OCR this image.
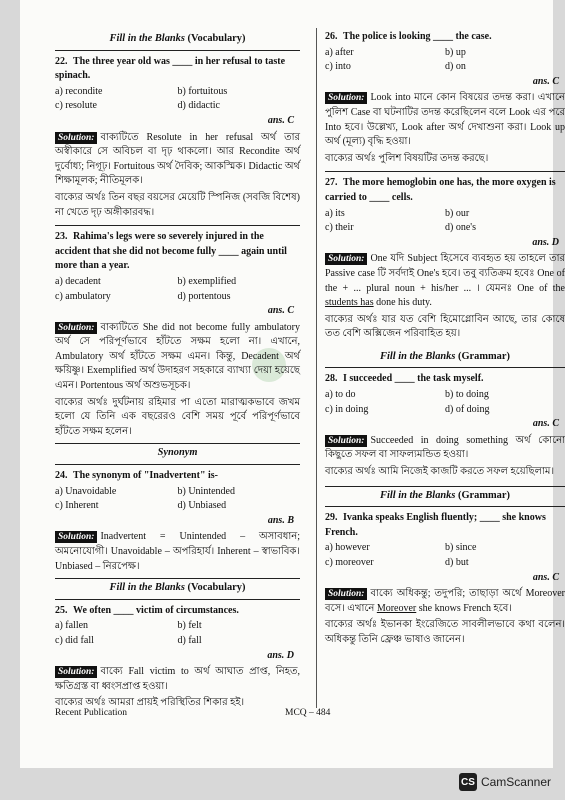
Fill in the Blanks (Vocabulary)
22. The three year old was ____ in her refusal to taste spinach.
a) recondite	b) fortuitous
c) resolute	d) didactic
ans. C
Solution: বাক্যটিতে Resolute in her refusal অর্থ তার অস্বীকারে সে অবিচল বা দৃঢ় থাকলো। আর Recondite অর্থ দুর্বোধ্য; নিগূঢ়। Fortuitous অর্থ দৈবিক; আকস্মিক। Didactic অর্থ শিক্ষামূলক; নীতিমূলক।
বাক্যের অর্থঃ তিন বছর বয়সের মেয়েটি স্পিনিজ (সবজি বিশেষ) না খেতে দৃঢ় অঙ্গীকারবদ্ধ।
23. Rahima's legs were so severely injured in the accident that she did not become fully ____ again until more than a year.
a) decadent	b) exemplified
c) ambulatory	d) portentous
ans. C
Solution: বাক্যটিতে She did not become fully ambulatory অর্থ সে পরিপূর্ণভাবে হাঁটতে সক্ষম হলো না। এখানে, Ambulatory অর্থ হাঁটতে সক্ষম এমন। কিন্তু, Decadent অর্থ ক্ষয়িষ্ণু। Exemplified অর্থ উদাহরণ সহকারে ব্যাখ্যা দেয়া হয়েছে এমন। Portentous অর্থ অশুভসূচক।
বাক্যের অর্থঃ দুর্ঘটনায় রহিমার পা এতো মারাত্মকভাবে জখম হলো যে তিনি এক বছরেরও বেশি সময় পূর্বে পরিপূর্ণভাবে হাঁটতে সক্ষম হলেন।
Synonym
24. The synonym of "Inadvertent" is-
a) Unavoidable	b) Unintended
c) Inherent	d) Unbiased
ans. B
Solution: Inadvertent = Unintended – অসাবধান; অমনোযোগী। Unavoidable – অপরিহার্য। Inherent – স্বাভাবিক। Unbiased – নিরপেক্ষ।
Fill in the Blanks (Vocabulary)
25. We often ____ victim of circumstances.
a) fallen	b) felt
c) did fall	d) fall
ans. D
Solution: বাক্যে Fall victim to অর্থ আঘাত প্রাপ্ত, নিহত, ক্ষতিগ্রস্ত বা ধ্বংসপ্রাপ্ত হওয়া।
বাক্যের অর্থঃ আমরা প্রায়ই পরিস্থিতির শিকার হই।
26. The police is looking ____ the case.
a) after	b) up
c) into	d) on
ans. C
Solution: Look into মানে কোন বিষয়ের তদন্ত করা। এখানে পুলিশ Case বা ঘটনাটির তদন্ত করেছিলেন বলে Look এর পরে Into হবে। উল্লেখ্য, Look after অর্থ দেখাশুনা করা। Look up অর্থ (মূল্য) বৃদ্ধি হওয়া।
বাক্যের অর্থঃ পুলিশ বিষয়টির তদন্ত করছে।
27. The more hemoglobin one has, the more oxygen is carried to ____ cells.
a) its	b) our
c) their	d) one's
ans. D
Solution: One যদি Subject হিসেবে ব্যবহৃত হয় তাহলে তার Passive case টি সর্বদাই One's হবে। তবু ব্যতিক্রম হবেঃ One of the + ... plural noun + his/her ... । যেমনঃ One of the students has done his duty.
বাক্যের অর্থঃ যার যত বেশি হিমোগ্লোবিন আছে, তার কোষে তত বেশি অক্সিজেন পরিবাহিত হয়।
Fill in the Blanks (Grammar)
28. I succeeded ____ the task myself.
a) to do	b) to doing
c) in doing	d) of doing
ans. C
Solution: Succeeded in doing something অর্থ কোনো কিছুতে সফল বা সাফল্যমন্ডিত হওয়া।
বাক্যের অর্থঃ আমি নিজেই কাজটি করতে সফল হয়েছিলাম।
Fill in the Blanks (Grammar)
29. Ivanka speaks English fluently; ____ she knows French.
a) however	b) since
c) moreover	d) but
ans. C
Solution: বাক্যে অধিকন্তু; তদুপরি; তাছাড়া অর্থে Moreover বসে। এখানে Moreover she knows French হবে।
বাক্যের অর্থঃ ইভানকা ইংরেজিতে সাবলীলভাবে কথা বলেন। অধিকন্তু তিনি ফ্রেঞ্চ ভাষাও জানেন।
Recent Publication	MCQ – 484
CS CamScanner
